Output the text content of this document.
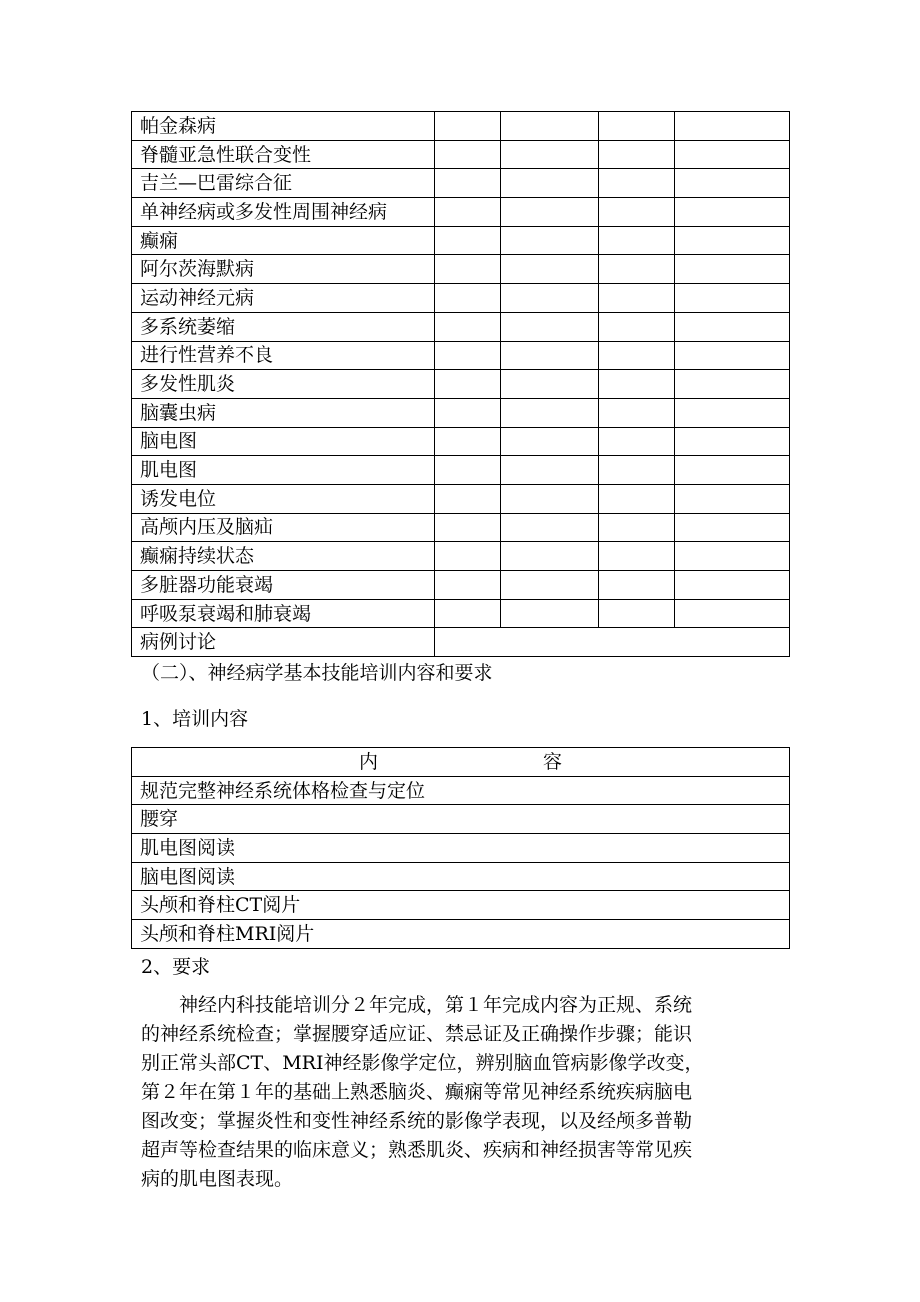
帕金森病				
脊髓亚急性联合变性				
吉兰—巴雷综合征				
单神经病或多发性周围神经病				
癫痫				
阿尔茨海默病				
运动神经元病				
多系统萎缩				
进行性营养不良				
多发性肌炎				
脑囊虫病				
脑电图				
肌电图				
诱发电位				
高颅内压及脑疝				
癫痫持续状态				
多脏器功能衰竭				
呼吸泵衰竭和肺衰竭				
病例讨论				
（二）、神经病学基本技能培训内容和要求
1、培训内容
内	容
规范完整神经系统体格检查与定位
腰穿
肌电图阅读
脑电图阅读
头颅和脊柱CT阅片
头颅和脊柱MRI阅片
2、要求

　　神经内科技能培训分２年完成，第１年完成内容为正规、系统

的神经系统检查；掌握腰穿适应证、禁忌证及正确操作步骤；能识

别正常头部CT、MRI神经影像学定位，辨别脑血管病影像学改变，

第２年在第１年的基础上熟悉脑炎、癫痫等常见神经系统疾病脑电

图改变；掌握炎性和变性神经系统的影像学表现，以及经颅多普勒

超声等检查结果的临床意义；熟悉肌炎、疾病和神经损害等常见疾

病的肌电图表现。
